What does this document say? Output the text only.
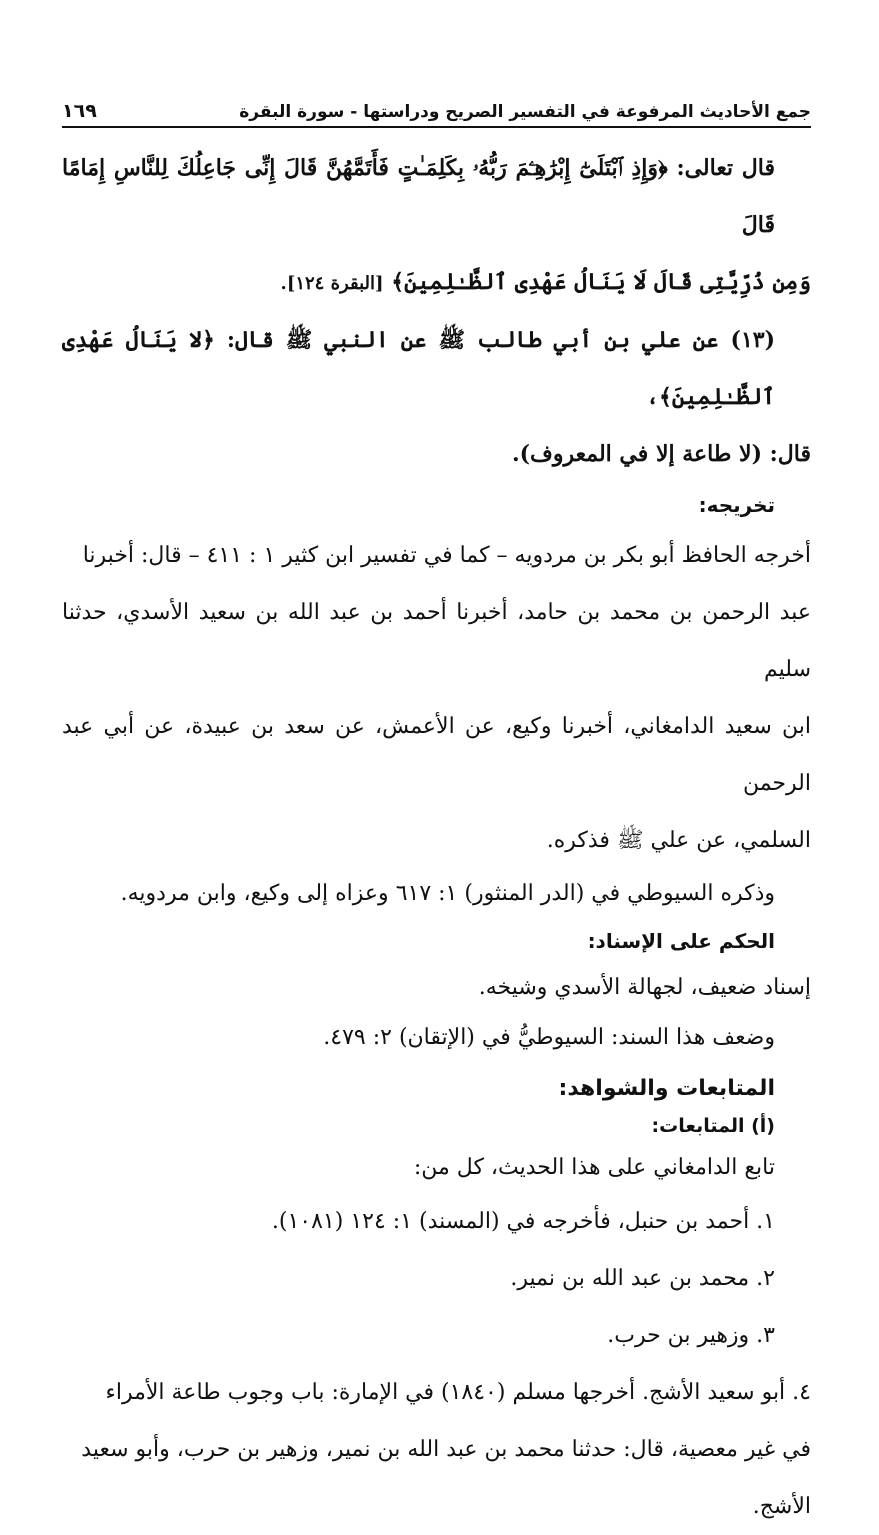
جمع الأحاديث المرفوعة في التفسير الصريح ودراستها - سورة البقرة
١٦٩

قال تعالى: ﴿وَإِذِ ٱبْتَلَىٰٓ إِبْرَٰهِـۧمَ رَبُّهُۥ بِكَلِمَـٰتٍ فَأَتَمَّهُنَّ قَالَ إِنِّى جَاعِلُكَ لِلنَّاسِ إِمَامًا قَالَ

وَمِن ذُرِّيَّتِى قَالَ لَا يَنَالُ عَهْدِى ٱلظَّـٰلِمِينَ﴾ [البقرة ١٢٤].

(١٣) عن علي بن أبي طالب ﷺ عن النبي ﷺ قال: ﴿لا يَنَالُ عَهْدِى ٱلظَّـٰلِمِينَ﴾،

قال: (لا طاعة إلا في المعروف).

تخريجه:

أخرجه الحافظ أبو بكر بن مردويه – كما في تفسير ابن كثير ١ : ٤١١ – قال: أخبرنا

عبد الرحمن بن محمد بن حامد، أخبرنا أحمد بن عبد الله بن سعيد الأسدي، حدثنا سليم

ابن سعيد الدامغاني، أخبرنا وكيع، عن الأعمش، عن سعد بن عبيدة، عن أبي عبد الرحمن

السلمي، عن علي ﷺ فذكره.

وذكره السيوطي في (الدر المنثور) ١: ٦١٧ وعزاه إلى وكيع، وابن مردويه.

الحكم على الإسناد:

إسناد ضعيف، لجهالة الأسدي وشيخه.

وضعف هذا السند: السيوطيُّ في (الإتقان) ٢: ٤٧٩.

المتابعات والشواهد:

(أ) المتابعات:

تابع الدامغاني على هذا الحديث، كل من:

١. أحمد بن حنبل، فأخرجه في (المسند) ١: ١٢٤ (١٠٨١).

٢. محمد بن عبد الله بن نمير.

٣. وزهير بن حرب.

٤. أبو سعيد الأشج. أخرجها مسلم (١٨٤٠) في الإمارة: باب وجوب طاعة الأمراء

في غير معصية، قال: حدثنا محمد بن عبد الله بن نمير، وزهير بن حرب، وأبو سعيد

الأشج.
